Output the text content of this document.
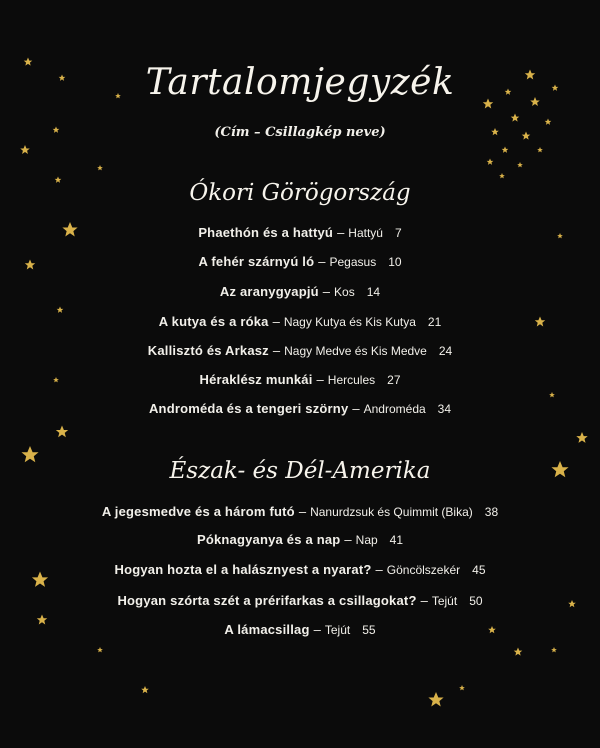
Tartalomjegyzék
(Cím – Csillagkép neve)
Ókori Görögország
Phaethón és a hattyú – Hattyú 7
A fehér szárnyú ló – Pegasus 10
Az aranygyapjú – Kos 14
A kutya és a róka – Nagy Kutya és Kis Kutya 21
Kallisztó és Arkasz – Nagy Medve és Kis Medve 24
Héraklész munkái – Hercules 27
Androméda és a tengeri szörny – Androméda 34
Észak- és Dél-Amerika
A jegesmedve és a három futó – Nanurdzsuk és Quimmit (Bika) 38
Póknagyanya és a nap – Nap 41
Hogyan hozta el a halásznyest a nyarat? – Göncölszekér 45
Hogyan szórta szét a prérifarkas a csillagokat? – Tejút 50
A lámacsillag – Tejút 55
